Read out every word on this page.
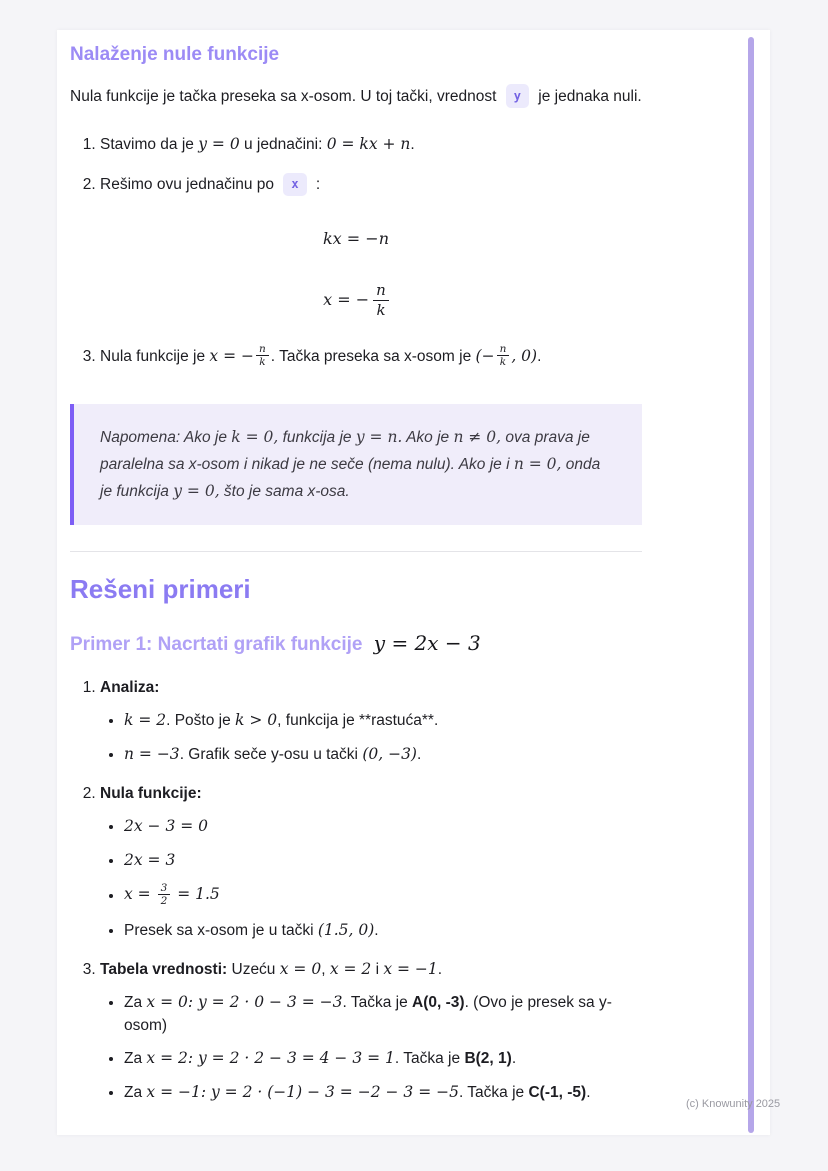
Nalaženje nule funkcije

Nula funkcije je tačka preseka sa x-osom. U toj tački, vrednost y je jednaka nuli.

1. Stavimo da je y = 0 u jednačini: 0 = kx + n.
2. Rešimo ovu jednačinu po x :
kx = −n
x = − $\frac{n}{k}$
3. Nula funkcije je x = − $\frac{n}{k}$ . Tačka preseka sa x-osom je (− $\frac{n}{k}$ , 0).

Napomena: Ako je k = 0, funkcija je y = n. Ako je n ≠ 0, ova prava je paralelna sa x-osom i nikad je ne seče (nema nulu). Ako je i n = 0, onda je funkcija y = 0, što je sama x-osa.

Rešeni primeri
Primer 1: Nacrtati grafik funkcije y = 2x − 3
1. Analiza:
• k = 2. Pošto je k > 0, funkcija je **rastuća**.
• n = −3. Grafik seče y-osu u tački (0, −3).
2. Nula funkcije:
• 2x − 3 = 0
• 2x = 3
• $x = \frac{3}{2} = 1.5$
• Presek sa x-osom je u tački (1.5, 0).
3. Tabela vrednosti: Uzeću x = 0, x = 2 i x = −1.
• Za x = 0: y = 2 · 0 − 3 = −3. Tačka je A(0, -3). (Ovo je presek sa y-osom)
• Za x = 2: y = 2 · 2 − 3 = 4 − 3 = 1. Tačka je B(2, 1).
• Za x = −1: y = 2 · (−1) − 3 = −2 − 3 = −5. Tačka je C(-1, -5).
(c) Knowunity 2025
